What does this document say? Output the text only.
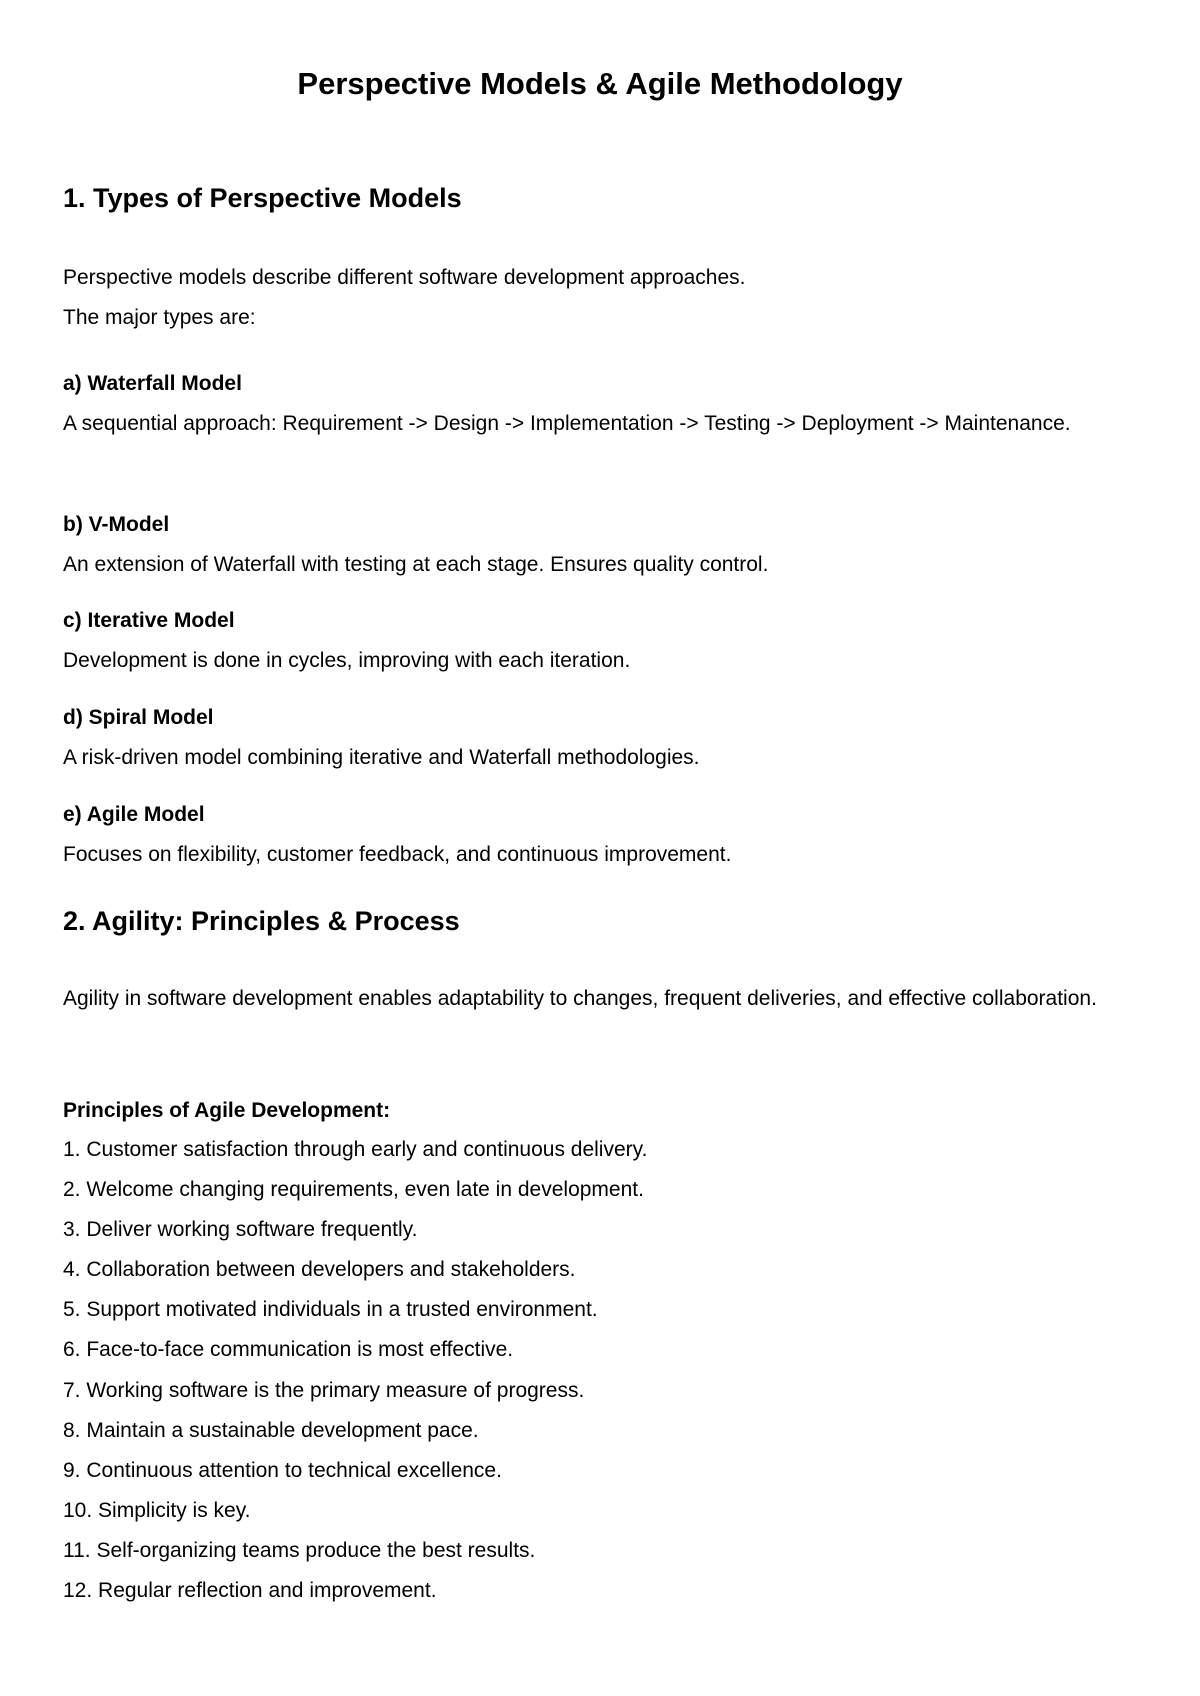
Perspective Models & Agile Methodology
1. Types of Perspective Models

Perspective models describe different software development approaches.

The major types are:

a) Waterfall Model

A sequential approach: Requirement -> Design -> Implementation -> Testing -> Deployment -> Maintenance.

b) V-Model

An extension of Waterfall with testing at each stage. Ensures quality control.

c) Iterative Model

Development is done in cycles, improving with each iteration.

d) Spiral Model

A risk-driven model combining iterative and Waterfall methodologies.

e) Agile Model

Focuses on flexibility, customer feedback, and continuous improvement.

2. Agility: Principles & Process

Agility in software development enables adaptability to changes, frequent deliveries, and effective collaboration.

Principles of Agile Development:

1. Customer satisfaction through early and continuous delivery.
2. Welcome changing requirements, even late in development.
3. Deliver working software frequently.
4. Collaboration between developers and stakeholders.
5. Support motivated individuals in a trusted environment.
6. Face-to-face communication is most effective.
7. Working software is the primary measure of progress.
8. Maintain a sustainable development pace.
9. Continuous attention to technical excellence.
10. Simplicity is key.
11. Self-organizing teams produce the best results.
12. Regular reflection and improvement.
